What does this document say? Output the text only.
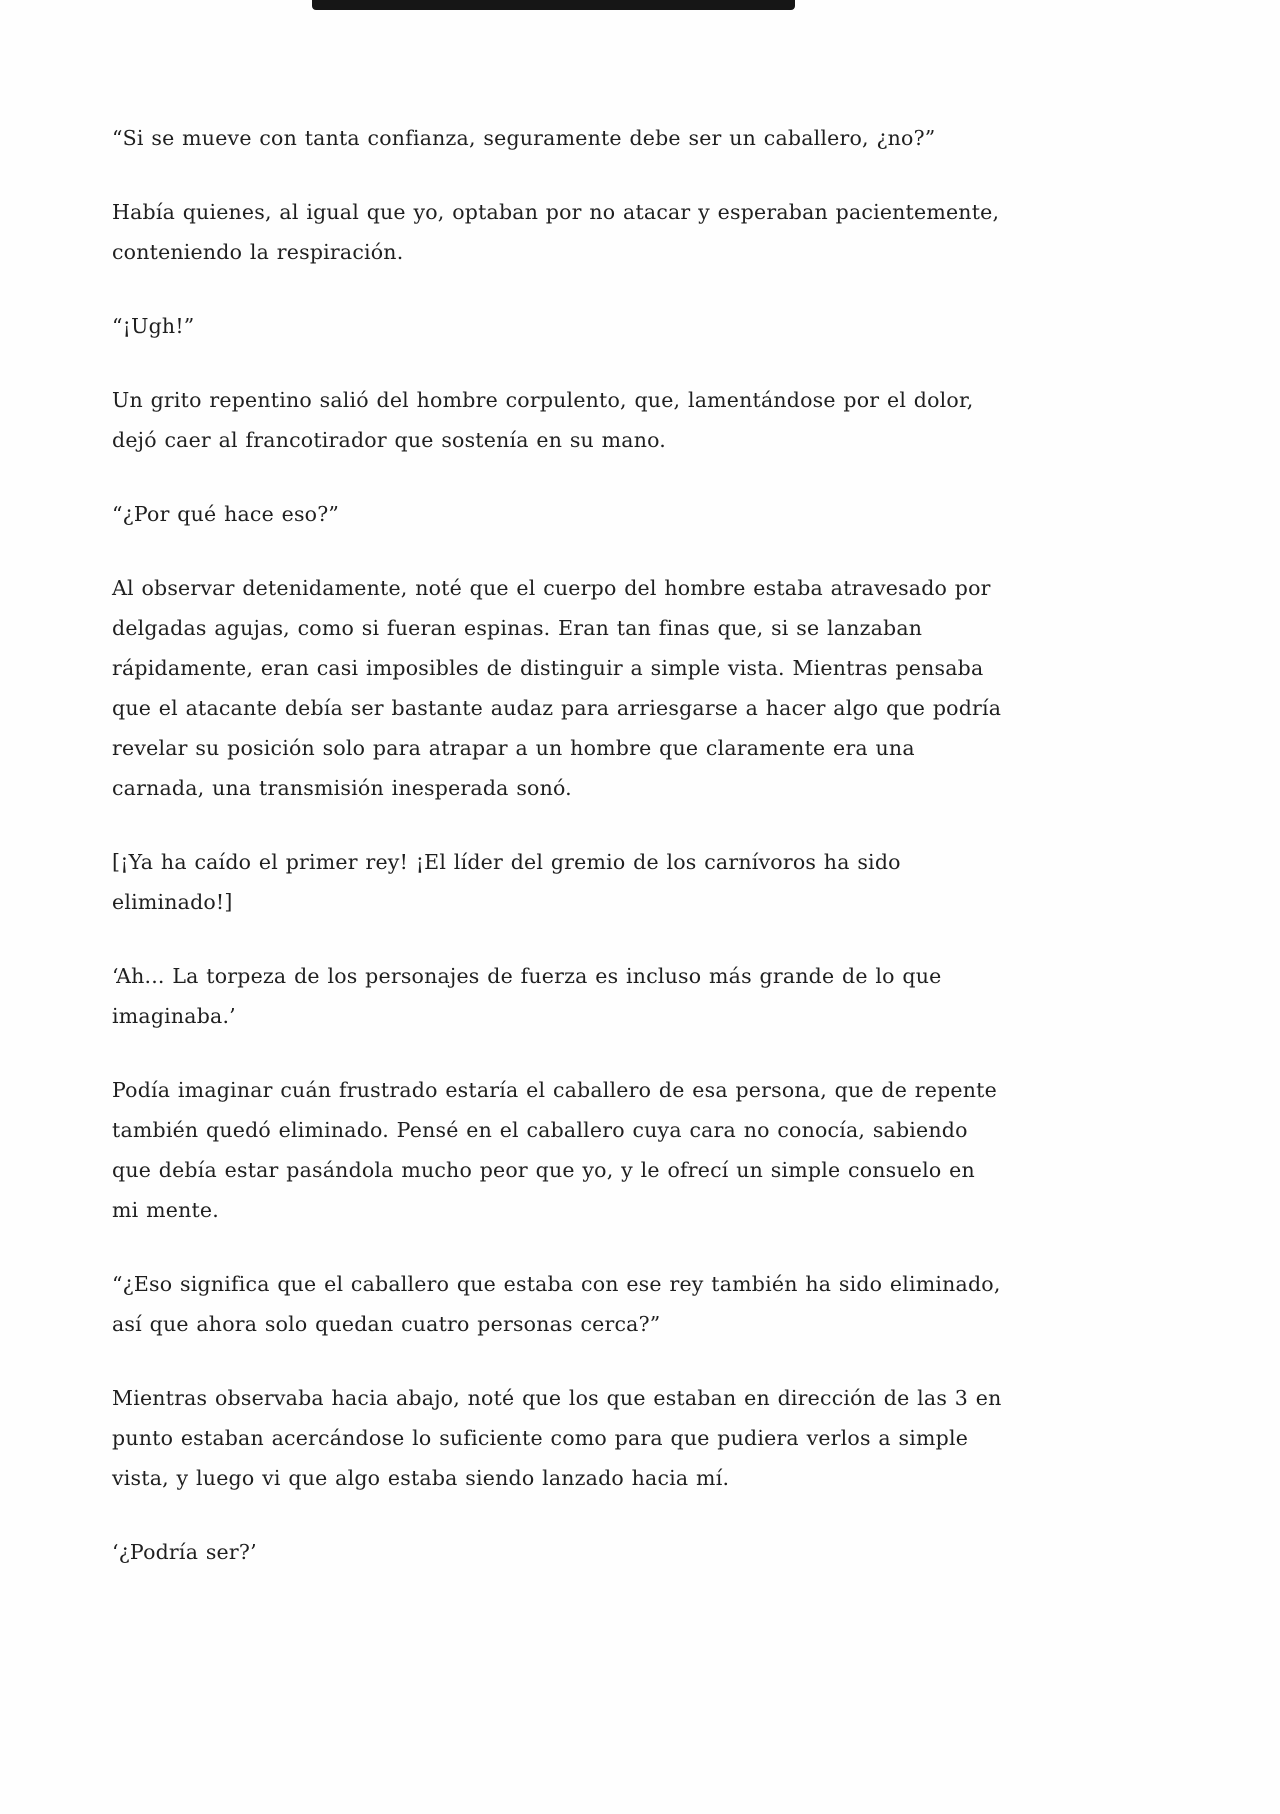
“Si se mueve con tanta confianza, seguramente debe ser un caballero, ¿no?”

Había quienes, al igual que yo, optaban por no atacar y esperaban pacientemente, conteniendo la respiración.

“¡Ugh!”

Un grito repentino salió del hombre corpulento, que, lamentándose por el dolor, dejó caer al francotirador que sostenía en su mano.

“¿Por qué hace eso?”

Al observar detenidamente, noté que el cuerpo del hombre estaba atravesado por delgadas agujas, como si fueran espinas. Eran tan finas que, si se lanzaban rápidamente, eran casi imposibles de distinguir a simple vista. Mientras pensaba que el atacante debía ser bastante audaz para arriesgarse a hacer algo que podría revelar su posición solo para atrapar a un hombre que claramente era una carnada, una transmisión inesperada sonó.

[¡Ya ha caído el primer rey! ¡El líder del gremio de los carnívoros ha sido eliminado!]

‘Ah... La torpeza de los personajes de fuerza es incluso más grande de lo que imaginaba.’

Podía imaginar cuán frustrado estaría el caballero de esa persona, que de repente también quedó eliminado. Pensé en el caballero cuya cara no conocía, sabiendo que debía estar pasándola mucho peor que yo, y le ofrecí un simple consuelo en mi mente.

“¿Eso significa que el caballero que estaba con ese rey también ha sido eliminado, así que ahora solo quedan cuatro personas cerca?”

Mientras observaba hacia abajo, noté que los que estaban en dirección de las 3 en punto estaban acercándose lo suficiente como para que pudiera verlos a simple vista, y luego vi que algo estaba siendo lanzado hacia mí.

‘¿Podría ser?’
